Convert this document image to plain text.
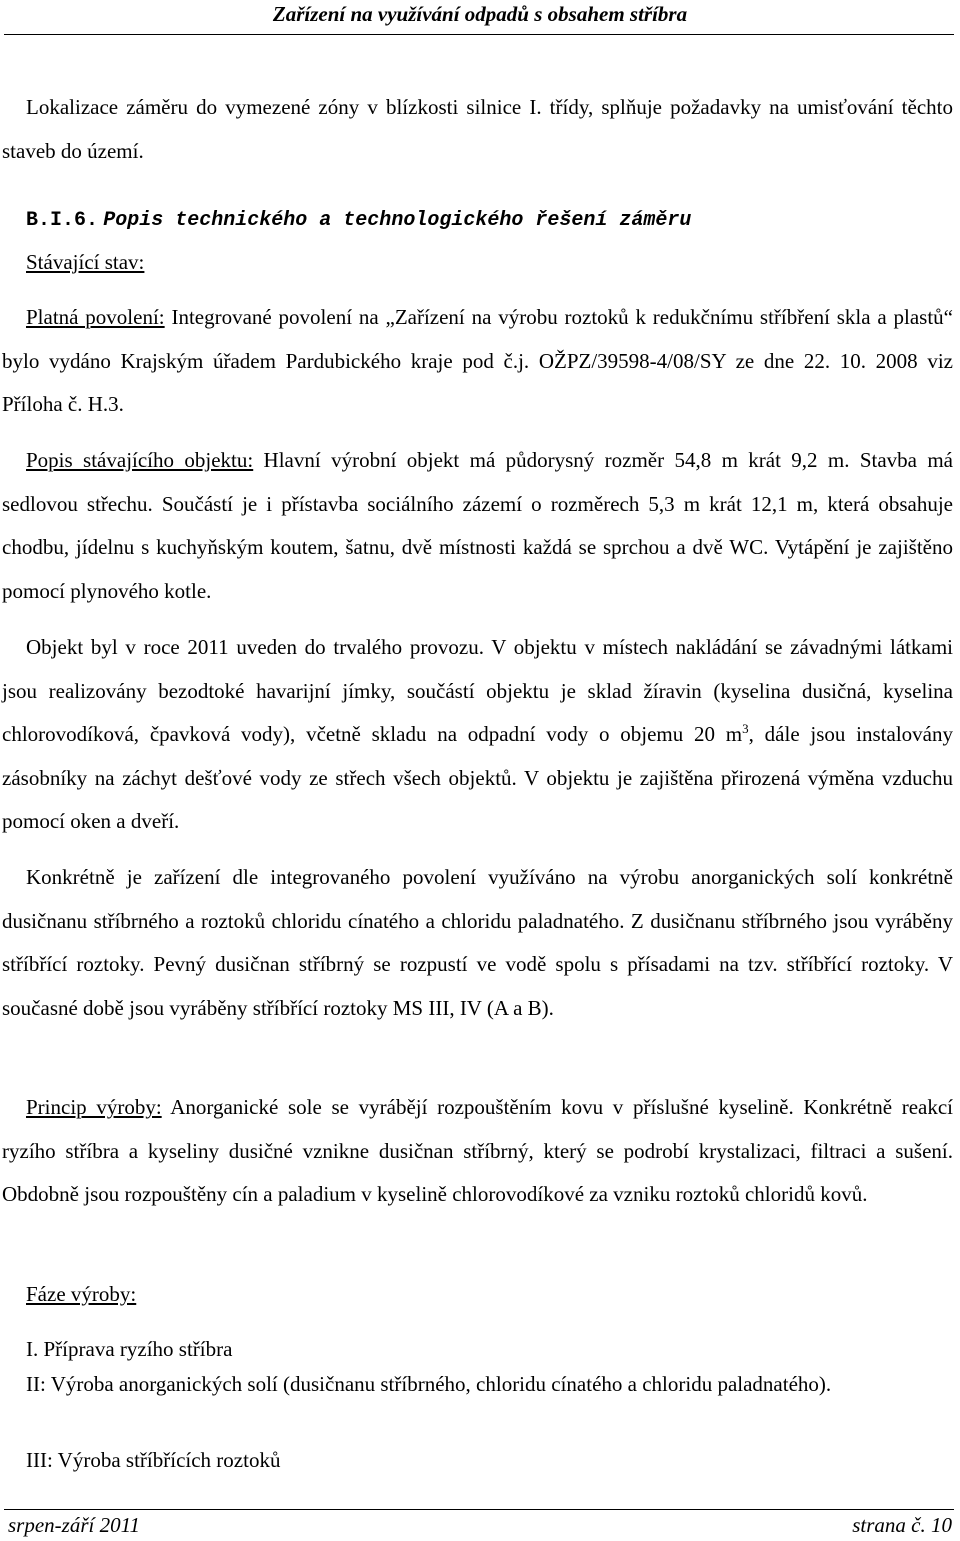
Zařízení na využívání odpadů s obsahem stříbra
Lokalizace záměru do vymezené zóny v blízkosti silnice I. třídy, splňuje požadavky na umisťování těchto staveb do území.
B.I.6. Popis technického a technologického řešení záměru
Stávající stav:
Platná povolení: Integrované povolení na „Zařízení na výrobu roztoků k redukčnímu stříbření skla a plastů“ bylo vydáno Krajským úřadem Pardubického kraje pod č.j. OŽPZ/39598-4/08/SY ze dne 22. 10. 2008 viz Příloha č. H.3.
Popis stávajícího objektu: Hlavní výrobní objekt má půdorysný rozměr 54,8 m krát 9,2 m. Stavba má sedlovou střechu. Součástí je i přístavba sociálního zázemí o rozměrech 5,3 m krát 12,1 m, která obsahuje chodbu, jídelnu s kuchyňským koutem, šatnu, dvě místnosti každá se sprchou a dvě WC. Vytápění je zajištěno pomocí plynového kotle.
Objekt byl v roce 2011 uveden do trvalého provozu. V objektu v místech nakládání se závadnými látkami jsou realizovány bezodtoké havarijní jímky, součástí objektu je sklad žíravin (kyselina dusičná, kyselina chlorovodíková, čpavková vody), včetně skladu na odpadní vody o objemu 20 $m^3$, dále jsou instalovány zásobníky na záchyt dešťové vody ze střech všech objektů. V objektu je zajištěna přirozená výměna vzduchu pomocí oken a dveří.
Konkrétně je zařízení dle integrovaného povolení využíváno na výrobu anorganických solí konkrétně dusičnanu stříbrného a roztoků chloridu cínatého a chloridu paladnatého. Z dusičnanu stříbrného jsou vyráběny stříbřící roztoky. Pevný dusičnan stříbrný se rozpustí ve vodě spolu s přísadami na tzv. stříbřící roztoky. V současné době jsou vyráběny stříbřící roztoky MS III, IV (A a B).
Princip výroby: Anorganické sole se vyrábějí rozpouštěním kovu v příslušné kyselině. Konkrétně reakcí ryzího stříbra a kyseliny dusičné vznikne dusičnan stříbrný, který se podrobí krystalizaci, filtraci a sušení. Obdobně jsou rozpouštěny cín a paladium v kyselině chlorovodíkové za vzniku roztoků chloridů kovů.
Fáze výroby:
I. Příprava ryzího stříbra
II: Výroba anorganických solí (dusičnanu stříbrného, chloridu cínatého a chloridu paladnatého).
III: Výroba stříbřících roztoků
srpen-září 2011	strana č. 10
